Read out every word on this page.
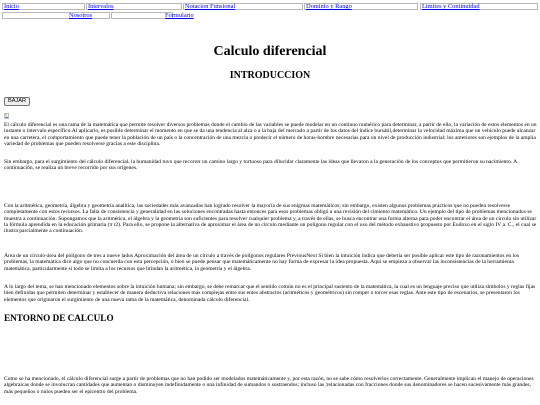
Inicio	Intervalos	Notacion Funsional	Dominio y Rango	Limites y Continuidad
Nosotros	Formulario
Calculo diferencial
INTRODUCCION
BAJAR

El cálculo diferencial es una rama de la matemática que permite resolver diversos problemas donde el cambio de las variables se puede modelar en un continuo numérico para determinar, a partir de ello, la variación de estos elementos en un instante o intervalo específico.Al aplicarlo, es posible determinar el momento en que se da una tendencia al alza o a la baja del mercado a partir de los datos del índice bursátil,determinar la velocidad máxima que un vehículo puede alcanzar en una carretera, el comportamiento que puede tener la población de un país o la concentración de una mezcla o predecir el número de horas-hombre necesarias para un nivel de producción industrial; los anteriores son ejemplos de la amplia variedad de problemas que pueden resolverse gracias a este disciplina.

Sin embargo, para el surgimiento del cálculo diferencial, la humanidad tuvo que recorrer un camino largo y tortuoso para dilucidar claramente las ideas que llevaron a la generación de los conceptos que permitieron su nacimiento. A continuación, se realiza un breve recorrido por sus orígenes.

Con la aritmética, geometría, álgebra y geometría analítica, las sociedades más avanzadas han logrado resolver la mayoría de sus enigmas matemáticos; sin embargo, existen algunos problemas prácticos que no pueden resolverse completamente con estos recursos. La falta de consistencia y generalidad en las soluciones encontradas hasta entonces para esos problemas obligó a una revisión del cimiento matemático. Un ejemplo del tipo de problemas mencionados se muestra a continuación. Supongamos que la aritmética, el álgebra y la geometría son suficientes para resolver cualquier problema y, a través de ellas, se busca encontrar una forma alterna para poder encontrar el área de un círculo sin utilizar la fórmula aprendida en la educación primaria (π r2). Para ello, se propone la alternativa de aproximar el área de un círculo mediante un polígono regular con el uso del método exhaustivo propuesto por Eudoxo en el siglo IV a. C., el cual se ilustra parcialmente a continuación.

Área de un círculo-área del polígono de tres a nueve lados Aproximación del área de un círculo a través de polígonos regulares PreviousNext Si bien la intuición indica que debería ser posible aplicar este tipo de razonamientos en los problemas, la matemática dice algo que no concuerda con esta percepción, o bien se puede pensar que matemáticamente no hay forma de expresar la idea propuesta. Aquí se empieza a observar las inconsistencias de la herramienta matemática, particularmente si todo se limita a los recursos que brindan la aritmética, la geometría y el álgebra.

A lo largo del tema, se han mencionado elementos sobre la intuición humana; sin embargo, se debe remarcar que el sentido común no es el principal sustento de la matemática, la cual es un lenguaje preciso que utiliza símbolos y reglas fijas bien definidas que permiten determinar y establecer de manera deductiva relaciones más complejas entre sus entes abstractos (aritméticos y geométricos) sin romper o torcer esas reglas. Ante este tipo de escenarios, se presentaron los elementos que originaron el surgimiento de una nueva rama de la matemática, denominada cálculo diferencial.

ENTORNO DE CALCULO

Como se ha mencionado, el cálculo diferencial surge a partir de problemas que no han podido ser modelados matemáticamente y, por esta razón, no se sabe cómo resolverlos correctamente. Generalmente implican el manejo de operaciones algebraicas donde se involucran cantidades que aumentan o disminuyen indefinidamente o una infinidad de sumandos o sustraendos; incluso las ¦relacionadas con fracciones donde sus denominadores se hacen sucesivamente más grandes, más pequeños o nulos pueden ser el epicentro del problema.
